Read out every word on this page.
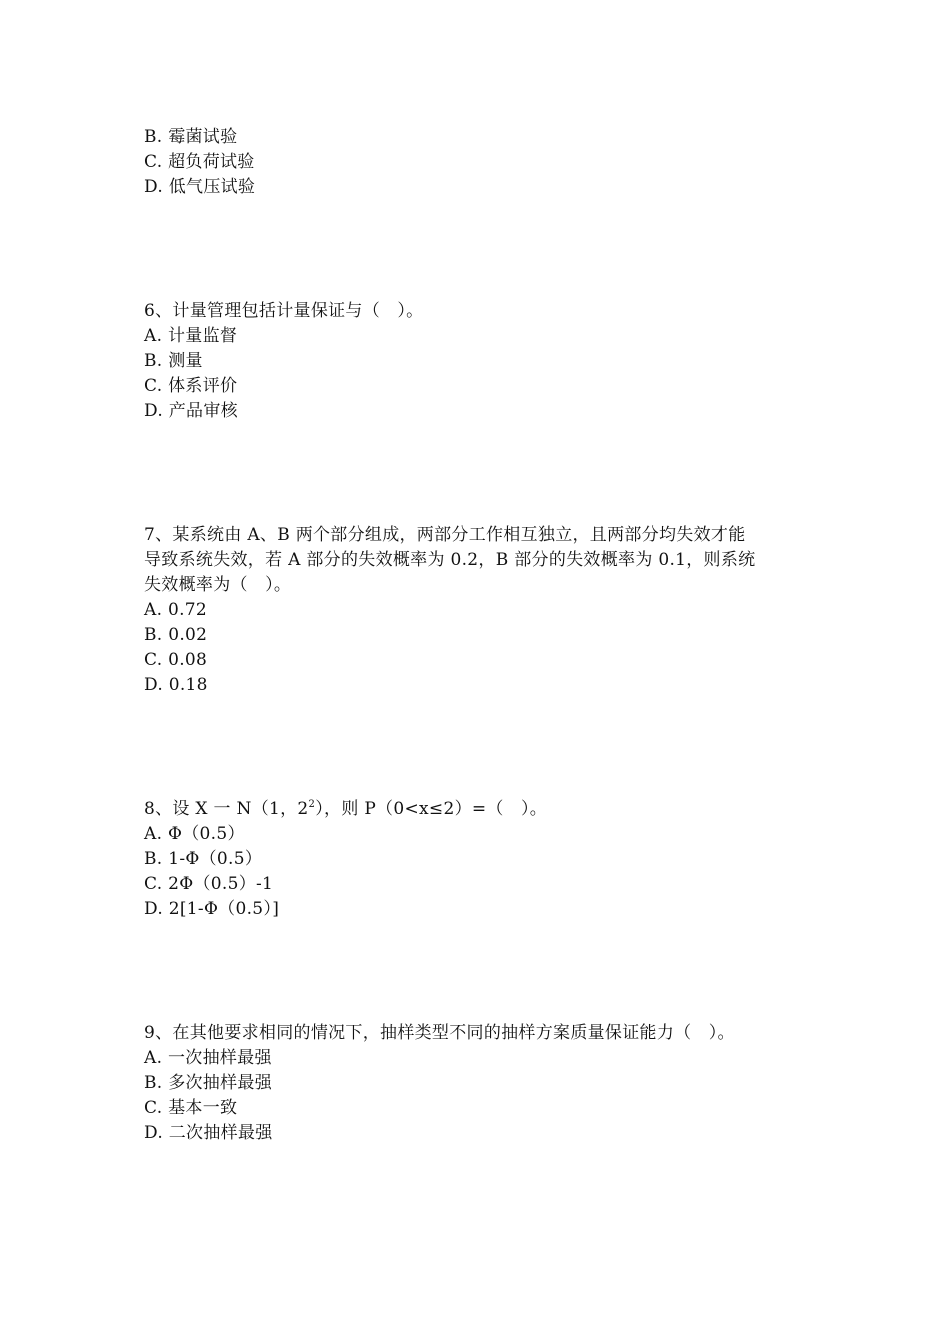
B. 霉菌试验
C. 超负荷试验
D. 低气压试验
6、计量管理包括计量保证与（　）。
A. 计量监督
B. 测量
C. 体系评价
D. 产品审核
7、某系统由 A、B 两个部分组成，两部分工作相互独立，且两部分均失效才能
导致系统失效，若 A 部分的失效概率为 0.2，B 部分的失效概率为 0.1，则系统
失效概率为（　）。
A. 0.72
B. 0.02
C. 0.08
D. 0.18
8、设 X 一 N（1，$2^2$），则 P（0<x≤2）=（　）。
A. Φ（0.5）
B. 1-Φ（0.5）
C. 2Φ（0.5）-1
D. 2[1-Φ（0.5）]
9、在其他要求相同的情况下，抽样类型不同的抽样方案质量保证能力（　）。
A. 一次抽样最强
B. 多次抽样最强
C. 基本一致
D. 二次抽样最强
